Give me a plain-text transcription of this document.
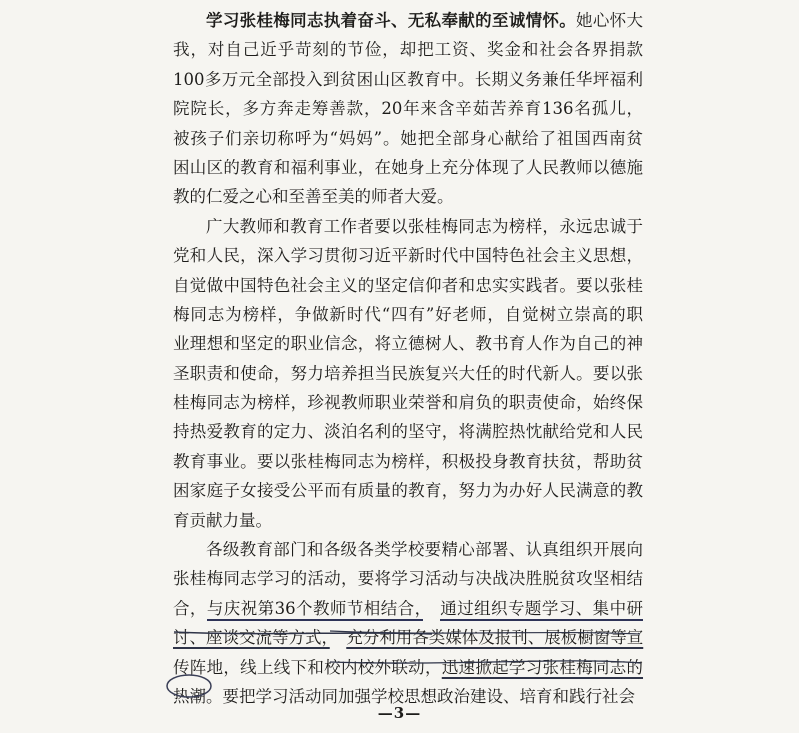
学习张桂梅同志执着奋斗、无私奉献的至诚情怀。她心怀大

我，对自己近乎苛刻的节俭，却把工资、奖金和社会各界捐款

100多万元全部投入到贫困山区教育中。长期义务兼任华坪福利

院院长，多方奔走筹善款，20年来含辛茹苦养育136名孤儿，

被孩子们亲切称呼为“妈妈”。她把全部身心献给了祖国西南贫

困山区的教育和福利事业，在她身上充分体现了人民教师以德施

教的仁爱之心和至善至美的师者大爱。

广大教师和教育工作者要以张桂梅同志为榜样，永远忠诚于

党和人民，深入学习贯彻习近平新时代中国特色社会主义思想，

自觉做中国特色社会主义的坚定信仰者和忠实实践者。要以张桂

梅同志为榜样，争做新时代“四有”好老师，自觉树立崇高的职

业理想和坚定的职业信念，将立德树人、教书育人作为自己的神

圣职责和使命，努力培养担当民族复兴大任的时代新人。要以张

桂梅同志为榜样，珍视教师职业荣誉和肩负的职责使命，始终保

持热爱教育的定力、淡泊名利的坚守，将满腔热忱献给党和人民

教育事业。要以张桂梅同志为榜样，积极投身教育扶贫，帮助贫

困家庭子女接受公平而有质量的教育，努力为办好人民满意的教

育贡献力量。

各级教育部门和各级各类学校要精心部署、认真组织开展向

张桂梅同志学习的活动，要将学习活动与决战决胜脱贫攻坚相结

合，与庆祝第36个教师节相结合，　 通过组织专题学习、集中研

讨、座谈交流等方式，　 充分利用各类媒体及报刊、展板橱窗等宣

传阵地，线上线下和校内校外联动，迅速掀起学习张桂梅同志的

热潮。要把学习活动同加强学校思想政治建设、培育和践行社会

—3—
